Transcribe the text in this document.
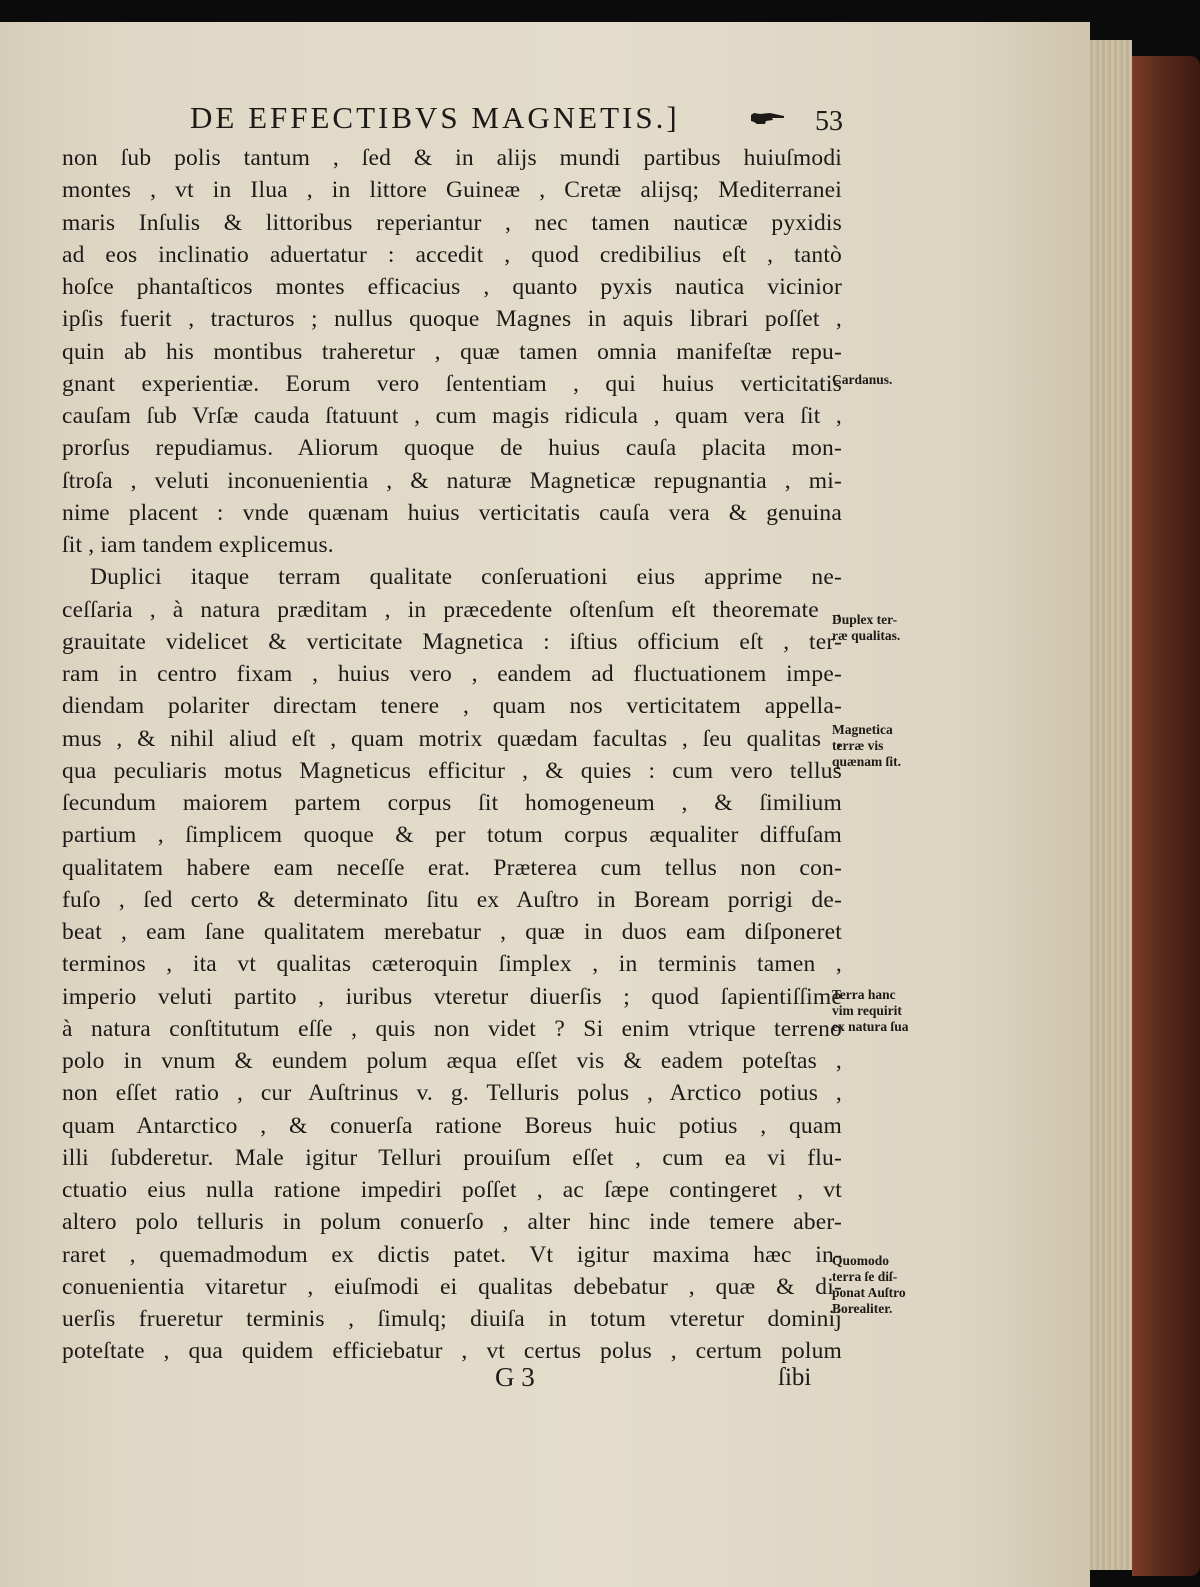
DE EFFECTIBVS MAGNETIS.]	53
non ſub polis tantum , ſed & in alijs mundi partibus huiuſmodi
montes , vt in Ilua , in littore Guineæ , Cretæ alijsq; Mediterranei
maris Inſulis & littoribus reperiantur , nec tamen nauticæ pyxidis
ad eos inclinatio aduertatur : accedit , quod credibilius eſt , tantò
hoſce phantaſticos montes efficacius , quanto pyxis nautica vicinior
ipſis fuerit , tracturos ; nullus quoque Magnes in aquis librari poſſet ,
quin ab his montibus traheretur , quæ tamen omnia manifeſtæ repu-
gnant experientiæ. Eorum vero ſententiam , qui huius verticitatis
cauſam ſub Vrſæ cauda ſtatuunt , cum magis ridicula , quam vera ſit ,
prorſus repudiamus. Aliorum quoque de huius cauſa placita mon-
ſtroſa , veluti inconuenientia , & naturæ Magneticæ repugnantia , mi-
nime placent : vnde quænam huius verticitatis cauſa vera & genuina
ſit , iam tandem explicemus.
Duplici itaque terram qualitate conſeruationi eius apprime ne-
ceſſaria , à natura præditam , in præcedente oſtenſum eſt theoremate ,
grauitate videlicet & verticitate Magnetica : iſtius officium eſt , ter-
ram in centro fixam , huius vero , eandem ad fluctuationem impe-
diendam polariter directam tenere , quam nos verticitatem appella-
mus , & nihil aliud eſt , quam motrix quædam facultas , ſeu qualitas ,
qua peculiaris motus Magneticus efficitur , & quies : cum vero tellus
ſecundum maiorem partem corpus ſit homogeneum , & ſimilium
partium , ſimplicem quoque & per totum corpus æqualiter diffuſam
qualitatem habere eam neceſſe erat. Præterea cum tellus non con-
fuſo , ſed certo & determinato ſitu ex Auſtro in Boream porrigi de-
beat , eam ſane qualitatem merebatur , quæ in duos eam diſponeret
terminos , ita vt qualitas cæteroquin ſimplex , in terminis tamen ,
imperio veluti partito , iuribus vteretur diuerſis ; quod ſapientiſſime
à natura conſtitutum eſſe , quis non videt ? Si enim vtrique terreno
polo in vnum & eundem polum æqua eſſet vis & eadem poteſtas ,
non eſſet ratio , cur Auſtrinus v. g. Telluris polus , Arctico potius ,
quam Antarctico , & conuerſa ratione Boreus huic potius , quam
illi ſubderetur. Male igitur Telluri prouiſum eſſet , cum ea vi flu-
ctuatio eius nulla ratione impediri poſſet , ac ſæpe contingeret , vt
altero polo telluris in polum conuerſo , alter hinc inde temere aber-
raret , quemadmodum ex dictis patet. Vt igitur maxima hæc in-
conuenientia vitaretur , eiuſmodi ei qualitas debebatur , quæ & di-
uerſis frueretur terminis , ſimulq; diuiſa in totum vteretur dominij
poteſtate , qua quidem efficiebatur , vt certus polus , certum polum
Cardanus.
Duplex ter-
ræ qualitas.
Magnetica
terræ vis
quænam ſit.
Terra hanc
vim requirit
ex natura ſua
Quomodo
terra ſe diſ-
ponat Auſtro
Borealiter.
G 3	ſibi
